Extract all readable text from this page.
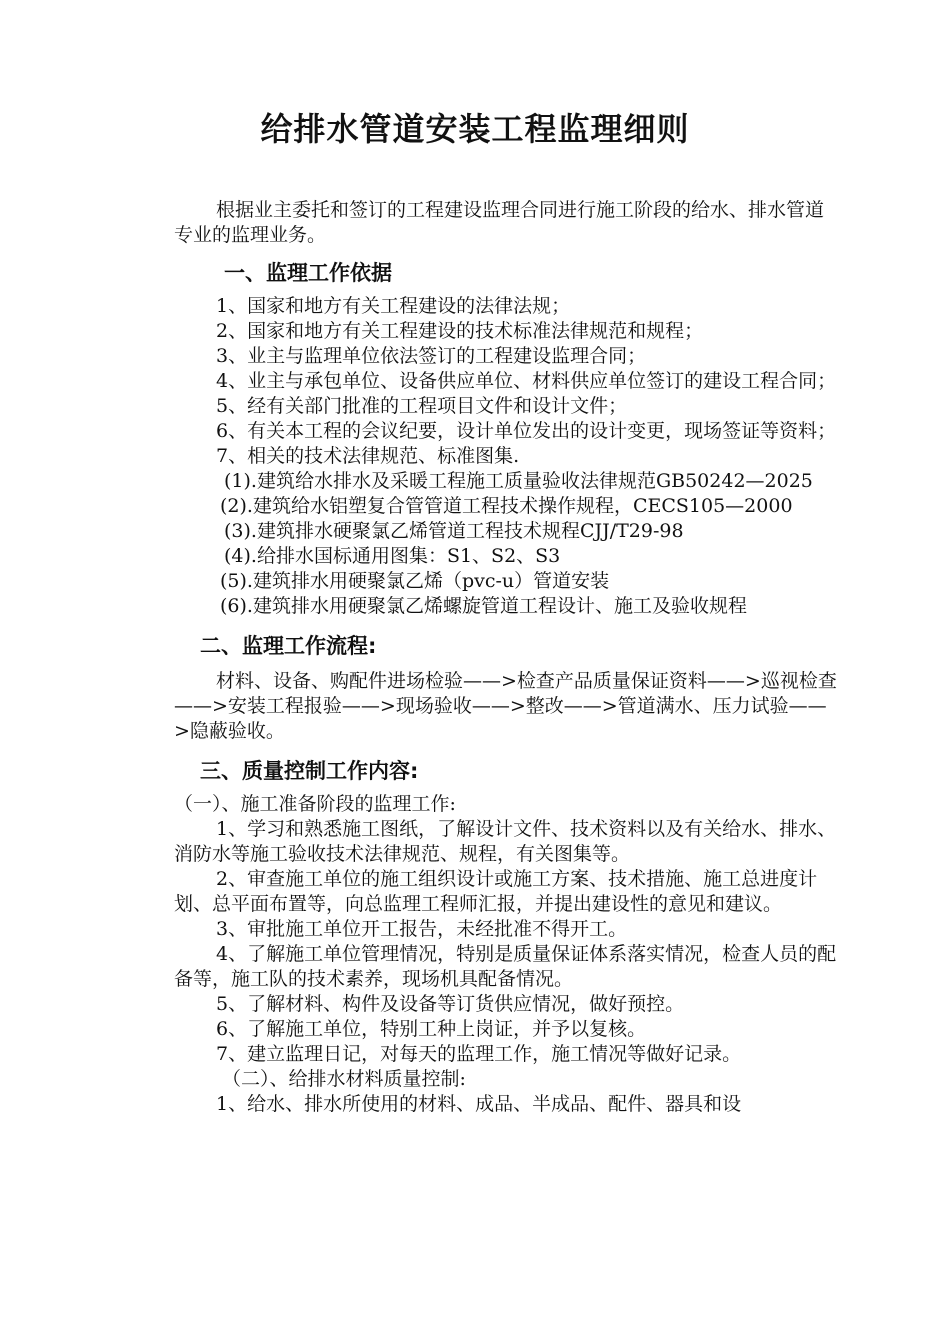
给排水管道安装工程监理细则

根据业主委托和签订的工程建设监理合同进行施工阶段的给水、排水管道专业的监理业务。

一、监理工作依据

1、国家和地方有关工程建设的法律法规；

2、国家和地方有关工程建设的技术标准法律规范和规程；

3、业主与监理单位依法签订的工程建设监理合同；

4、业主与承包单位、设备供应单位、材料供应单位签订的建设工程合同；

5、经有关部门批准的工程项目文件和设计文件；

6、有关本工程的会议纪要，设计单位发出的设计变更，现场签证等资料；

7、相关的技术法律规范、标准图集.

(1).建筑给水排水及采暖工程施工质量验收法律规范GB50242—2025

(2).建筑给水铝塑复合管管道工程技术操作规程，CECS105—2000

(3).建筑排水硬聚氯乙烯管道工程技术规程CJJ/T29-98

(4).给排水国标通用图集：S1、S2、S3

(5).建筑排水用硬聚氯乙烯（pvc-u）管道安装

(6).建筑排水用硬聚氯乙烯螺旋管道工程设计、施工及验收规程

二、监理工作流程:

材料、设备、购配件进场检验——>检查产品质量保证资料——>巡视检查——>安装工程报验——>现场验收——>整改——>管道满水、压力试验——>隐蔽验收。

三、质量控制工作内容:

（一）、施工准备阶段的监理工作:

1、学习和熟悉施工图纸，了解设计文件、技术资料以及有关给水、排水、消防水等施工验收技术法律规范、规程，有关图集等。

2、审查施工单位的施工组织设计或施工方案、技术措施、施工总进度计划、总平面布置等，向总监理工程师汇报，并提出建设性的意见和建议。

3、审批施工单位开工报告，未经批准不得开工。

4、了解施工单位管理情况，特别是质量保证体系落实情况，检查人员的配备等，施工队的技术素养，现场机具配备情况。

5、了解材料、构件及设备等订货供应情况，做好预控。

6、了解施工单位，特别工种上岗证，并予以复核。

7、建立监理日记，对每天的监理工作，施工情况等做好记录。

（二）、给排水材料质量控制:

1、给水、排水所使用的材料、成品、半成品、配件、器具和设
